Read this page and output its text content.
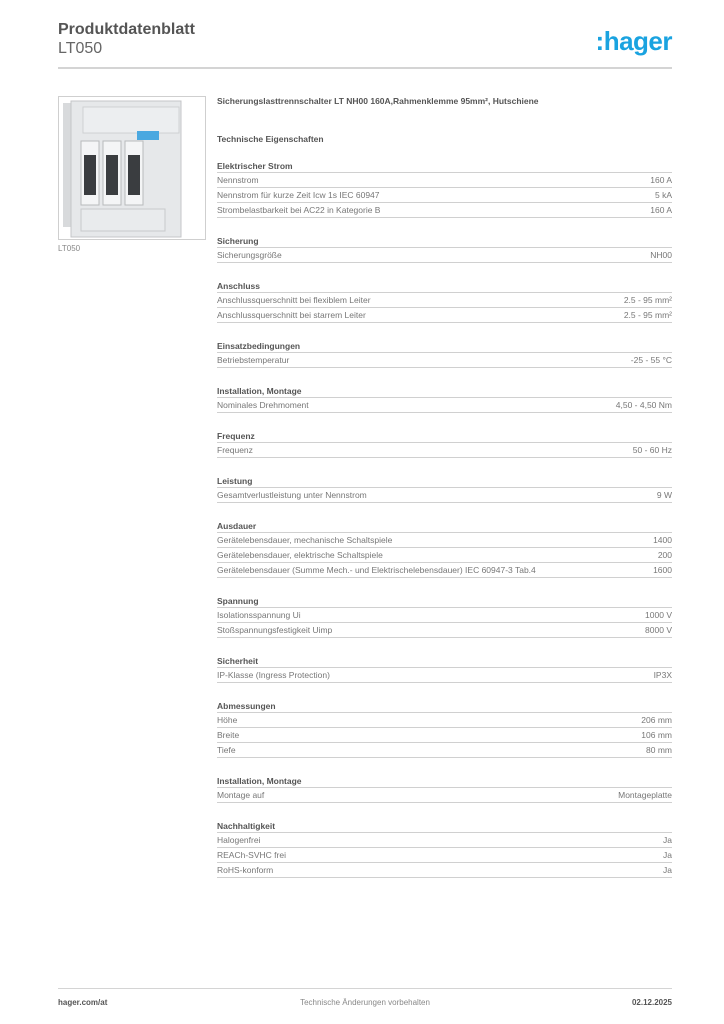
Produktdatenblatt
LT050	:hager
LT050
Sicherungslasttrennschalter LT NH00 160A,Rahmenklemme 95mm², Hutschiene
Technische Eigenschaften
Elektrischer Strom
Nennstrom	160 A
Nennstrom für kurze Zeit Icw 1s IEC 60947	5 kA
Strombelastbarkeit bei AC22 in Kategorie B	160 A
Sicherung
Sicherungsgröße	NH00
Anschluss
Anschlussquerschnitt bei flexiblem Leiter	2.5 - 95 mm²
Anschlussquerschnitt bei starrem Leiter	2.5 - 95 mm²
Einsatzbedingungen
Betriebstemperatur	-25 - 55 °C
Installation, Montage
Nominales Drehmoment	4,50 - 4,50 Nm
Frequenz
Frequenz	50 - 60 Hz
Leistung
Gesamtverlustleistung unter Nennstrom	9 W
Ausdauer
Gerätelebensdauer, mechanische Schaltspiele	1400
Gerätelebensdauer, elektrische Schaltspiele	200
Gerätelebensdauer (Summe Mech.- und Elektrischelebensdauer) IEC 60947-3 Tab.4	1600
Spannung
Isolationsspannung Ui	1000 V
Stoßspannungsfestigkeit Uimp	8000 V
Sicherheit
IP-Klasse (Ingress Protection)	IP3X
Abmessungen
Höhe	206 mm
Breite	106 mm
Tiefe	80 mm
Installation, Montage
Montage auf	Montageplatte
Nachhaltigkeit
Halogenfrei	Ja
REACh-SVHC frei	Ja
RoHS-konform	Ja
Technische Änderungen vorbehalten
hager.com/at	02.12.2025
